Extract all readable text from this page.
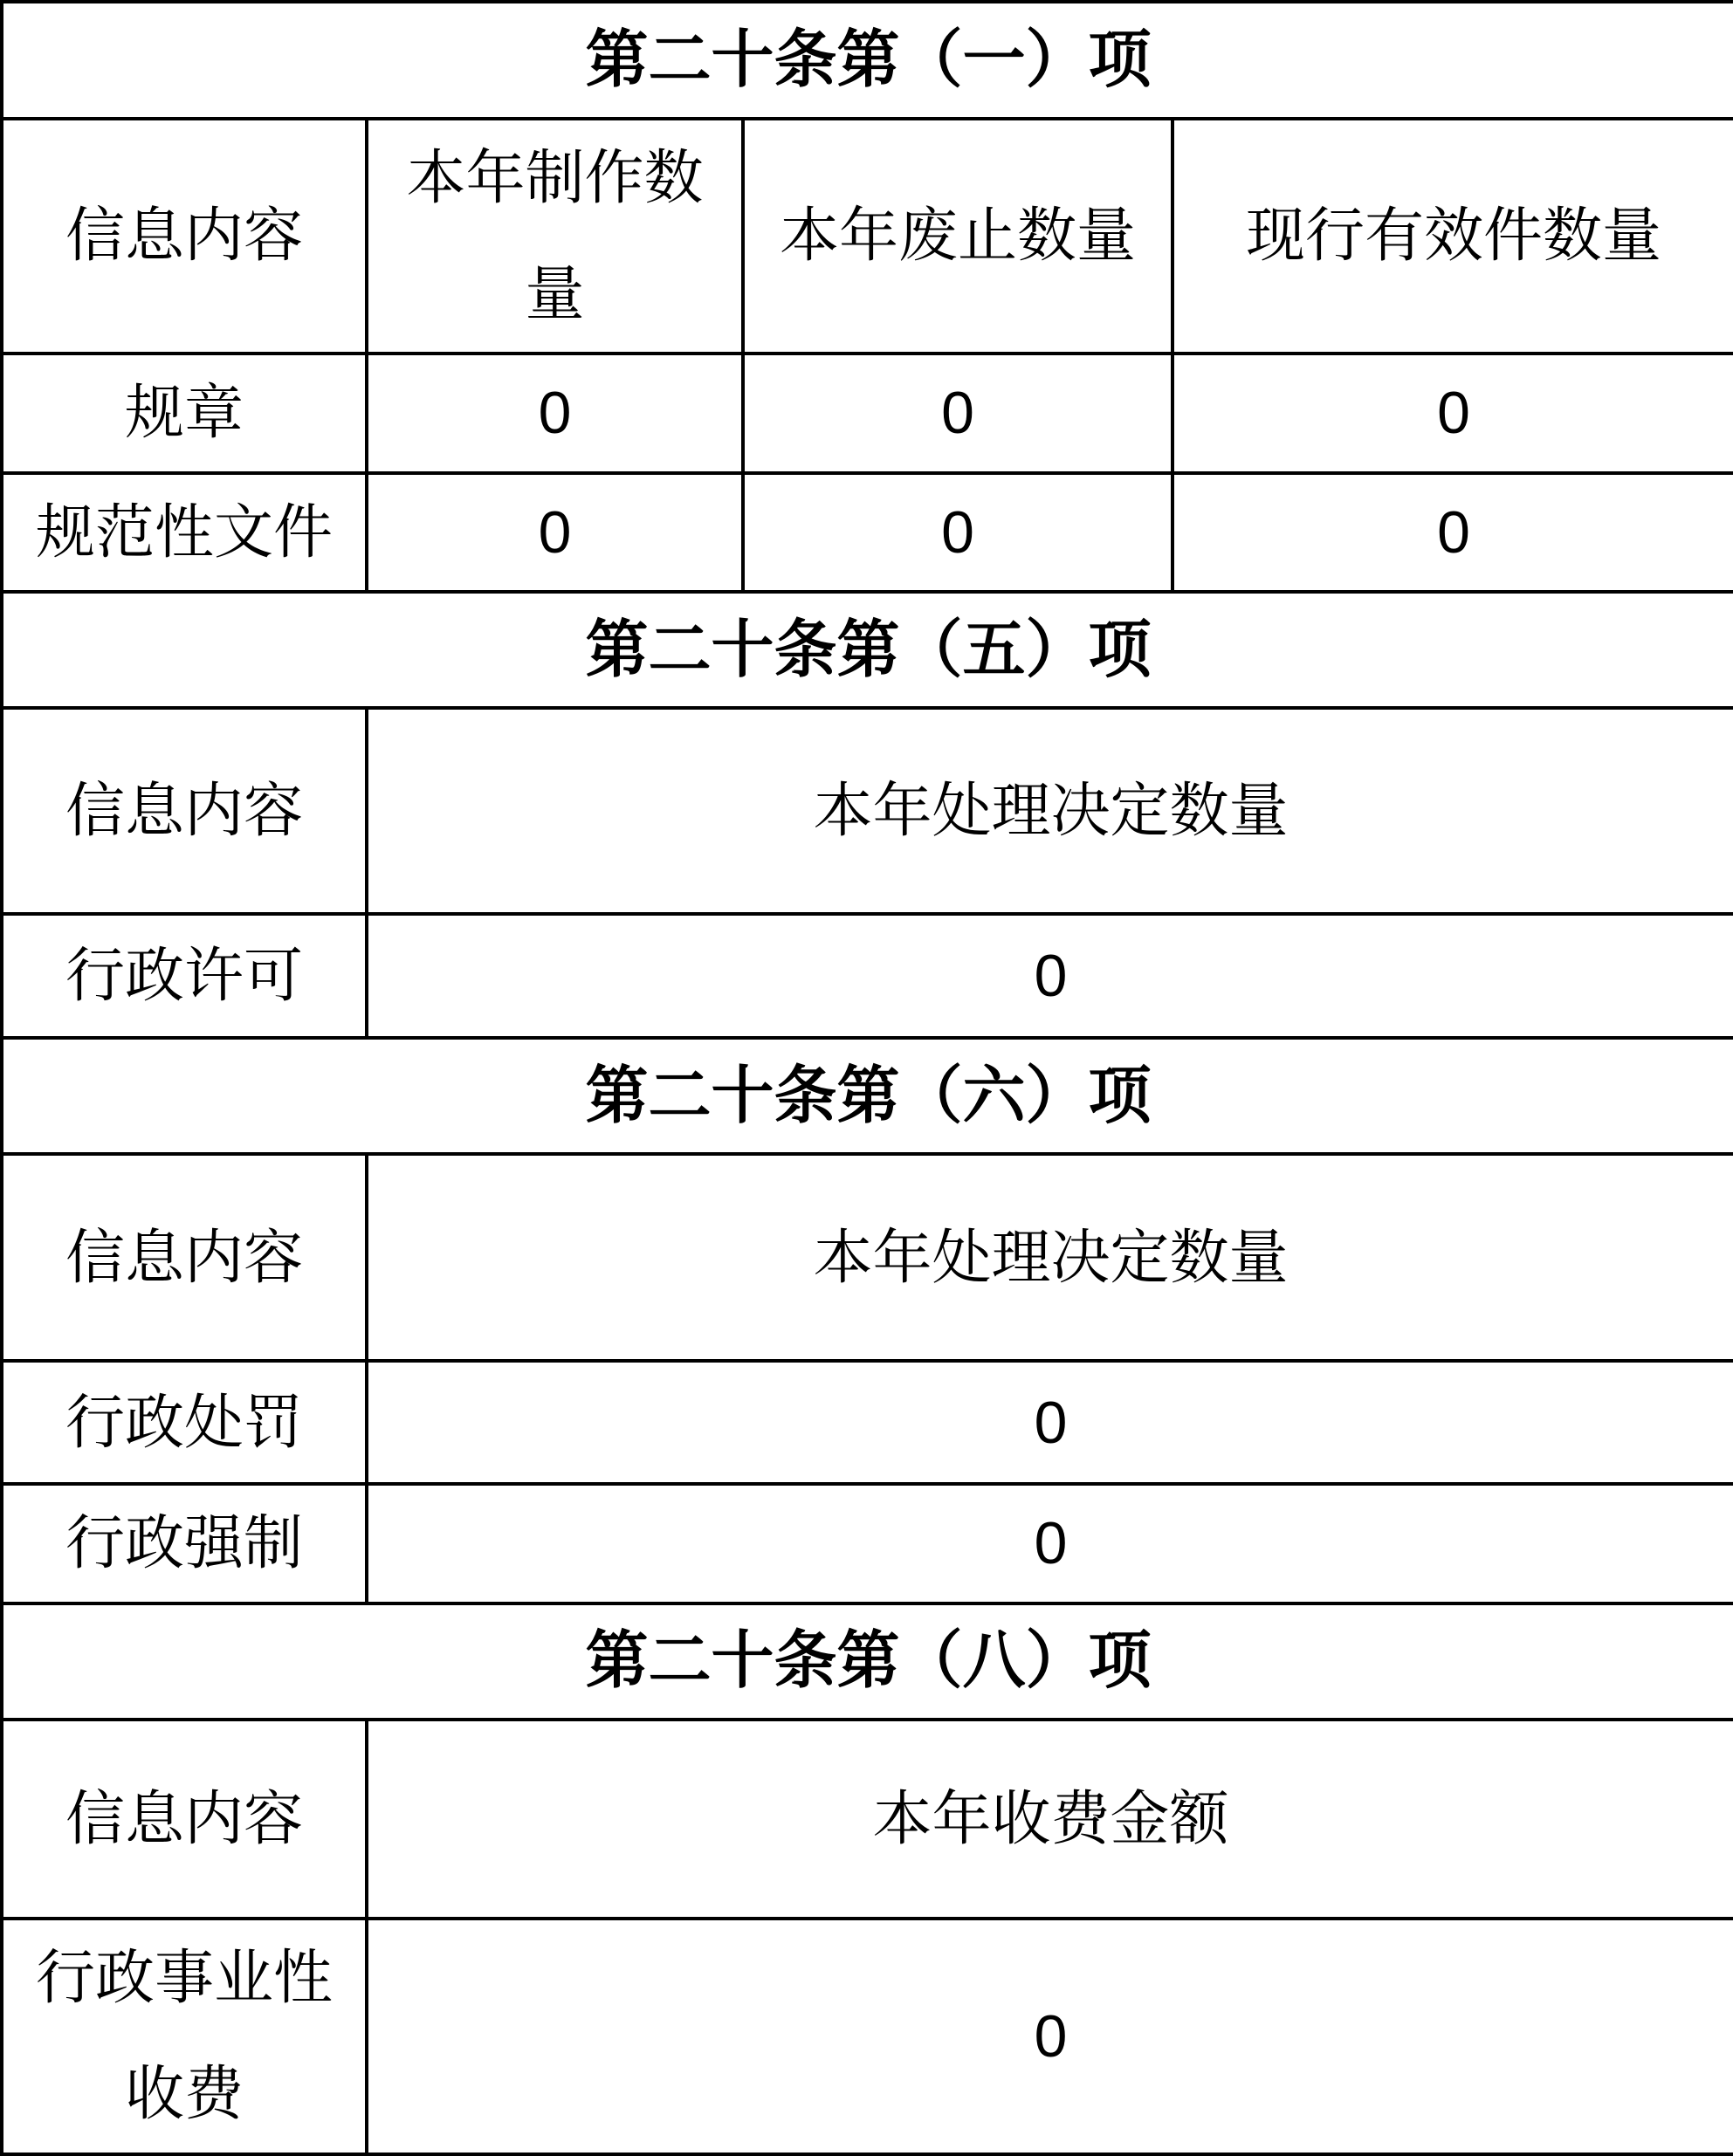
第二十条第（一）项			
信息内容	本年制作数量	本年废止数量	现行有效件数量
规章	0	0	0
规范性文件	0	0	0
第二十条第（五）项			
信息内容	本年处理决定数量		
行政许可	0		
第二十条第（六）项			
信息内容	本年处理决定数量		
行政处罚	0		
行政强制	0		
第二十条第（八）项			
信息内容	本年收费金额		
行政事业性收费	0		
